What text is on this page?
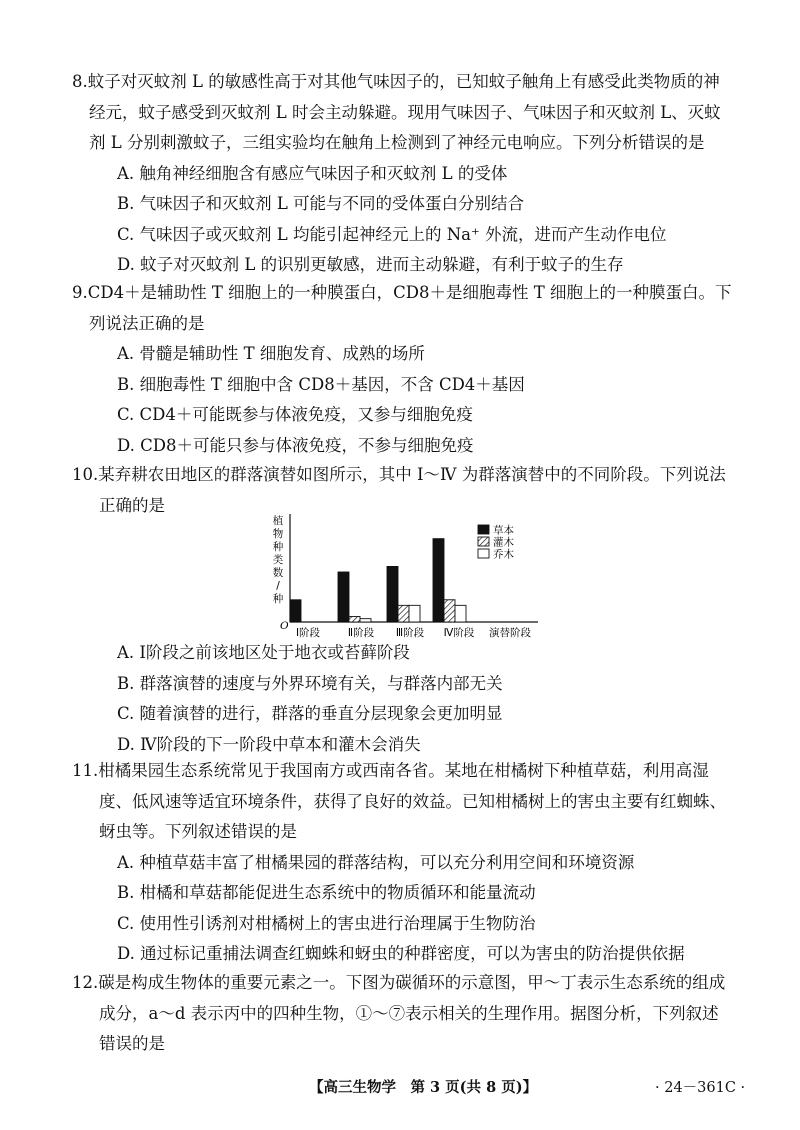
8.蚊子对灭蚊剂 L 的敏感性高于对其他气味因子的，已知蚊子触角上有感受此类物质的神经元，蚊子感受到灭蚊剂 L 时会主动躲避。现用气味因子、气味因子和灭蚊剂 L、灭蚊剂 L 分别刺激蚊子，三组实验均在触角上检测到了神经元电响应。下列分析错误的是

A. 触角神经细胞含有感应气味因子和灭蚊剂 L 的受体

B. 气味因子和灭蚊剂 L 可能与不同的受体蛋白分别结合

C. 气味因子或灭蚊剂 L 均能引起神经元上的 Na⁺ 外流，进而产生动作电位

D. 蚊子对灭蚊剂 L 的识别更敏感，进而主动躲避，有利于蚊子的生存

9.CD4＋是辅助性 T 细胞上的一种膜蛋白，CD8＋是细胞毒性 T 细胞上的一种膜蛋白。下列说法正确的是

A. 骨髓是辅助性 T 细胞发育、成熟的场所

B. 细胞毒性 T 细胞中含 CD8＋基因，不含 CD4＋基因

C. CD4＋可能既参与体液免疫，又参与细胞免疫

D. CD8＋可能只参与体液免疫，不参与细胞免疫

10.某弃耕农田地区的群落演替如图所示，其中 Ⅰ～Ⅳ 为群落演替中的不同阶段。下列说法正确的是

植物种类数/种
O
Ⅰ阶段	Ⅱ阶段 Ⅲ阶段 Ⅳ阶段 演替阶段
草本
灌木
乔木

A. Ⅰ阶段之前该地区处于地衣或苔藓阶段

B. 群落演替的速度与外界环境有关，与群落内部无关

C. 随着演替的进行，群落的垂直分层现象会更加明显

D. Ⅳ阶段的下一阶段中草本和灌木会消失

11.柑橘果园生态系统常见于我国南方或西南各省。某地在柑橘树下种植草菇，利用高湿度、低风速等适宜环境条件，获得了良好的效益。已知柑橘树上的害虫主要有红蜘蛛、蚜虫等。下列叙述错误的是

A. 种植草菇丰富了柑橘果园的群落结构，可以充分利用空间和环境资源

B. 柑橘和草菇都能促进生态系统中的物质循环和能量流动

C. 使用性引诱剂对柑橘树上的害虫进行治理属于生物防治

D. 通过标记重捕法调查红蜘蛛和蚜虫的种群密度，可以为害虫的防治提供依据

12.碳是构成生物体的重要元素之一。下图为碳循环的示意图，甲～丁表示生态系统的组成成分，a～d 表示丙中的四种生物，①～⑦表示相关的生理作用。据图分析，下列叙述错误的是

【高三生物学　第 3 页(共 8 页)】	· 24－361C ·
